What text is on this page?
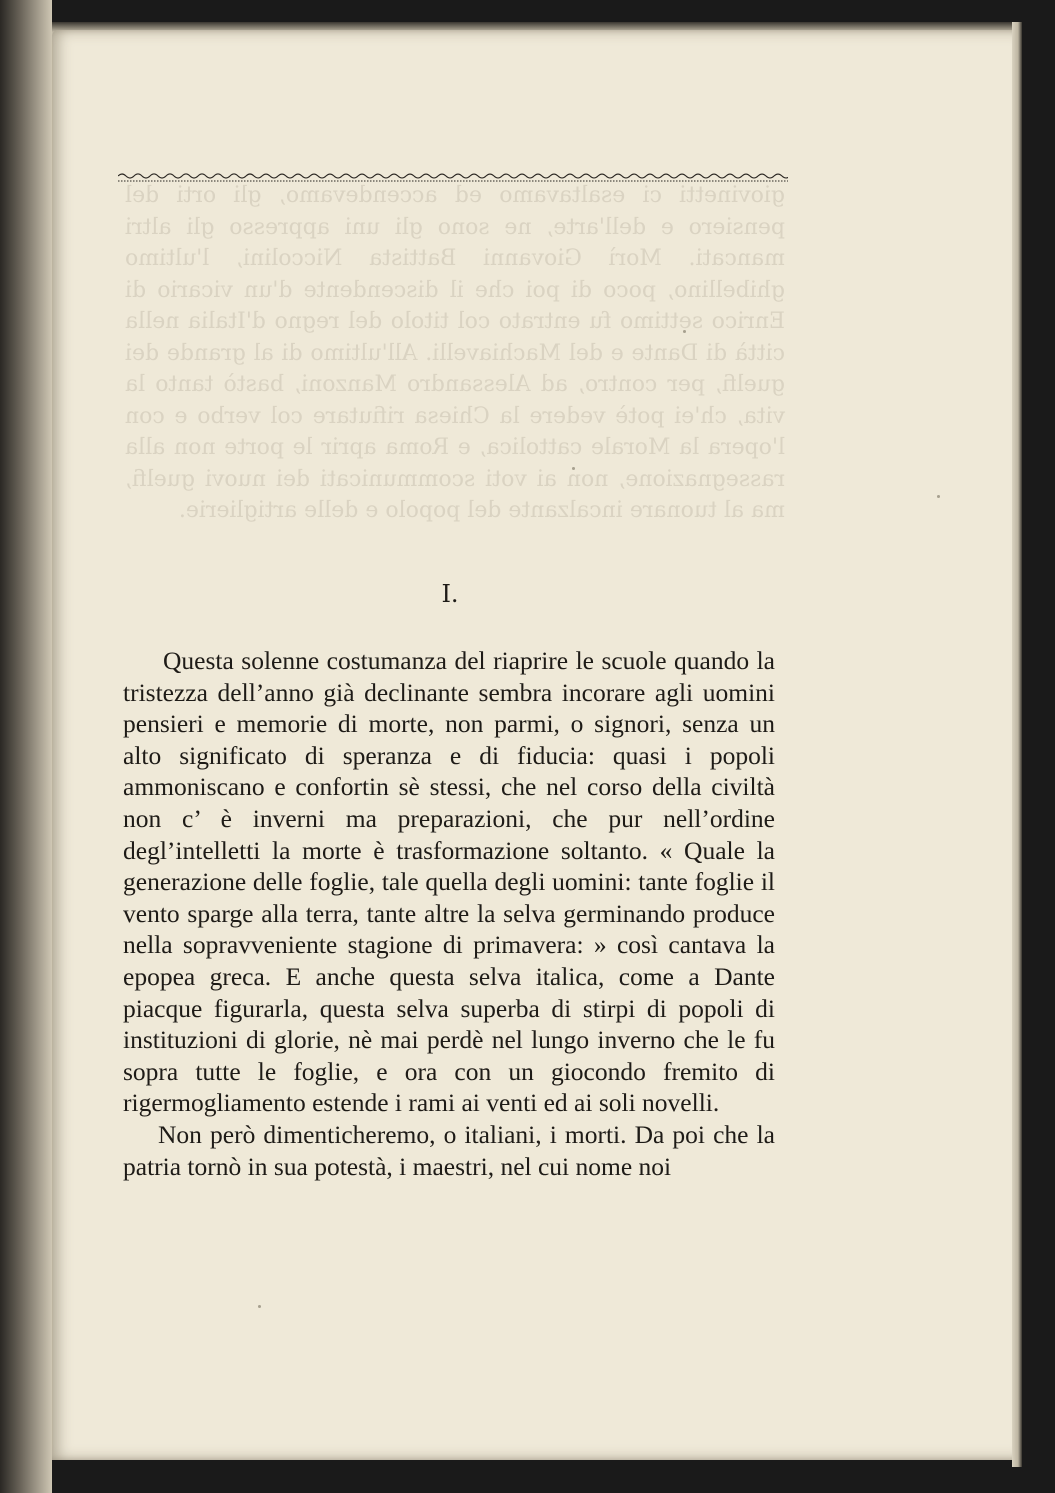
giovinetti ci esaltavamo ed accendevamo, gli orti del pensiero e dell'arte, ne sono gli uni appresso gli altri mancati. Morì Giovanni Battista Niccolini, l'ultimo ghibellino, poco di poi che il discendente d'un vicario di Enrico settimo fu entrato col titolo del regno d'Italia nella città di Dante e del Machiavelli. All'ultimo di al grande dei guelfi, per contro, ad Alessandro Manzoni, bastò tanto la vita, ch'ei potè vedere la Chiesa rifiutare col verbo e con l'opera la Morale cattolica, e Roma aprir le porte non alla rassegnazione, non ai voti scommunicati dei nuovi guelfi, ma al tuonare incalzante del popolo e delle artiglierie.
I.

Questa solenne costumanza del riaprire le scuole quando la tristezza dell’anno già declinante sembra incorare agli uomini pensieri e memorie di morte, non parmi, o signori, senza un alto significato di speranza e di fiducia: quasi i popoli ammoniscano e confortin sè stessi, che nel corso della civiltà non c’ è inverni ma preparazioni, che pur nell’ordine degl’intelletti la morte è trasformazione soltanto. « Quale la generazione delle foglie, tale quella degli uomini: tante foglie il vento sparge alla terra, tante altre la selva germinando produce nella sopravveniente stagione di primavera: » così cantava la epopea greca. E anche questa selva italica, come a Dante piacque figurarla, questa selva superba di stirpi di popoli di instituzioni di glorie, nè mai perdè nel lungo inverno che le fu sopra tutte le foglie, e ora con un giocondo fremito di rigermogliamento estende i rami ai venti ed ai soli novelli.

Non però dimenticheremo, o italiani, i morti. Da poi che la patria tornò in sua potestà, i maestri, nel cui nome noi
